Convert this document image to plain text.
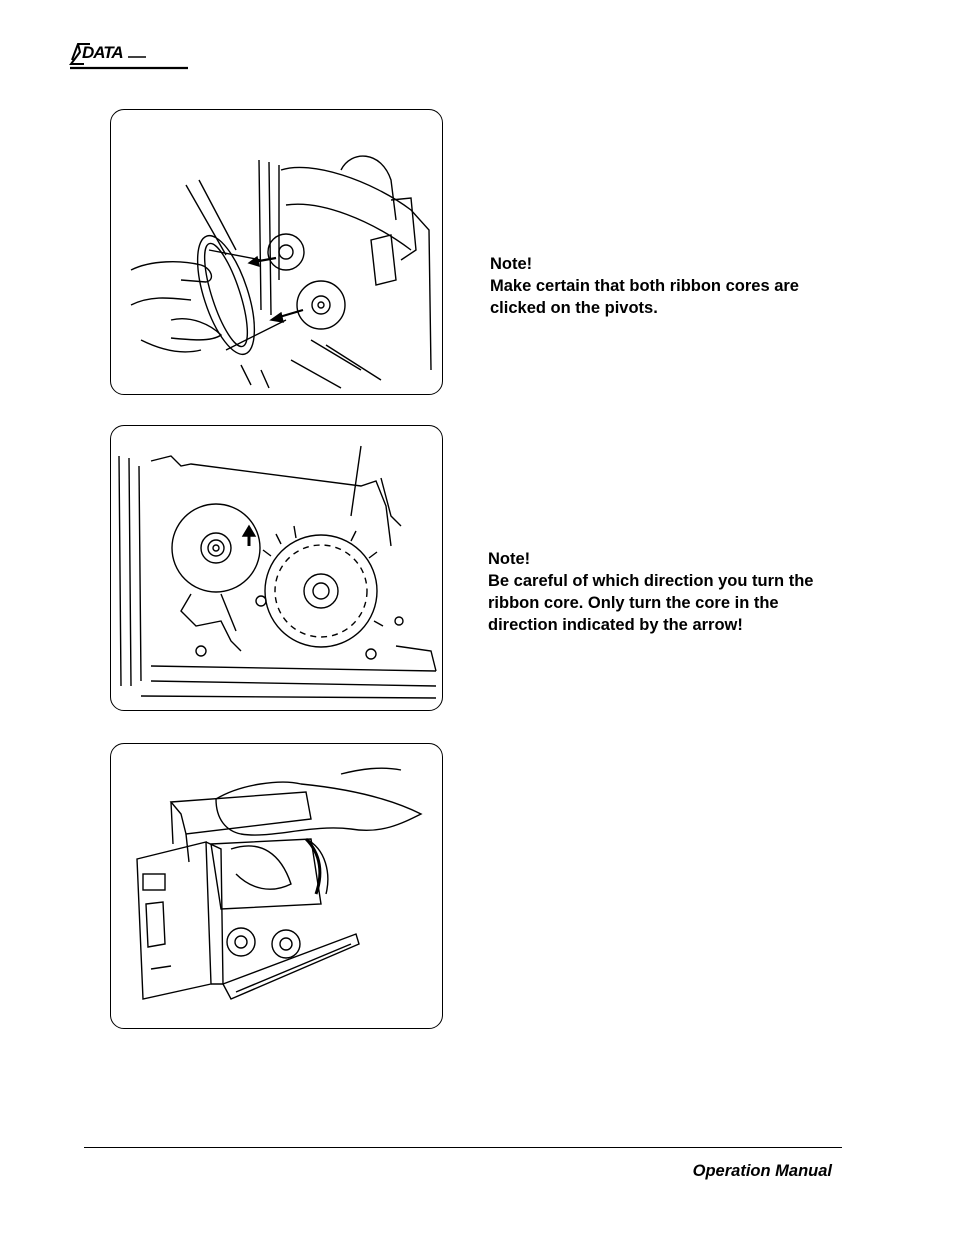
DATA

Note!

Make certain that both ribbon cores are clicked on the pivots.

Note!

Be careful of which direction you turn the ribbon core. Only turn the core in the direction indicated by the arrow!

Operation Manual
